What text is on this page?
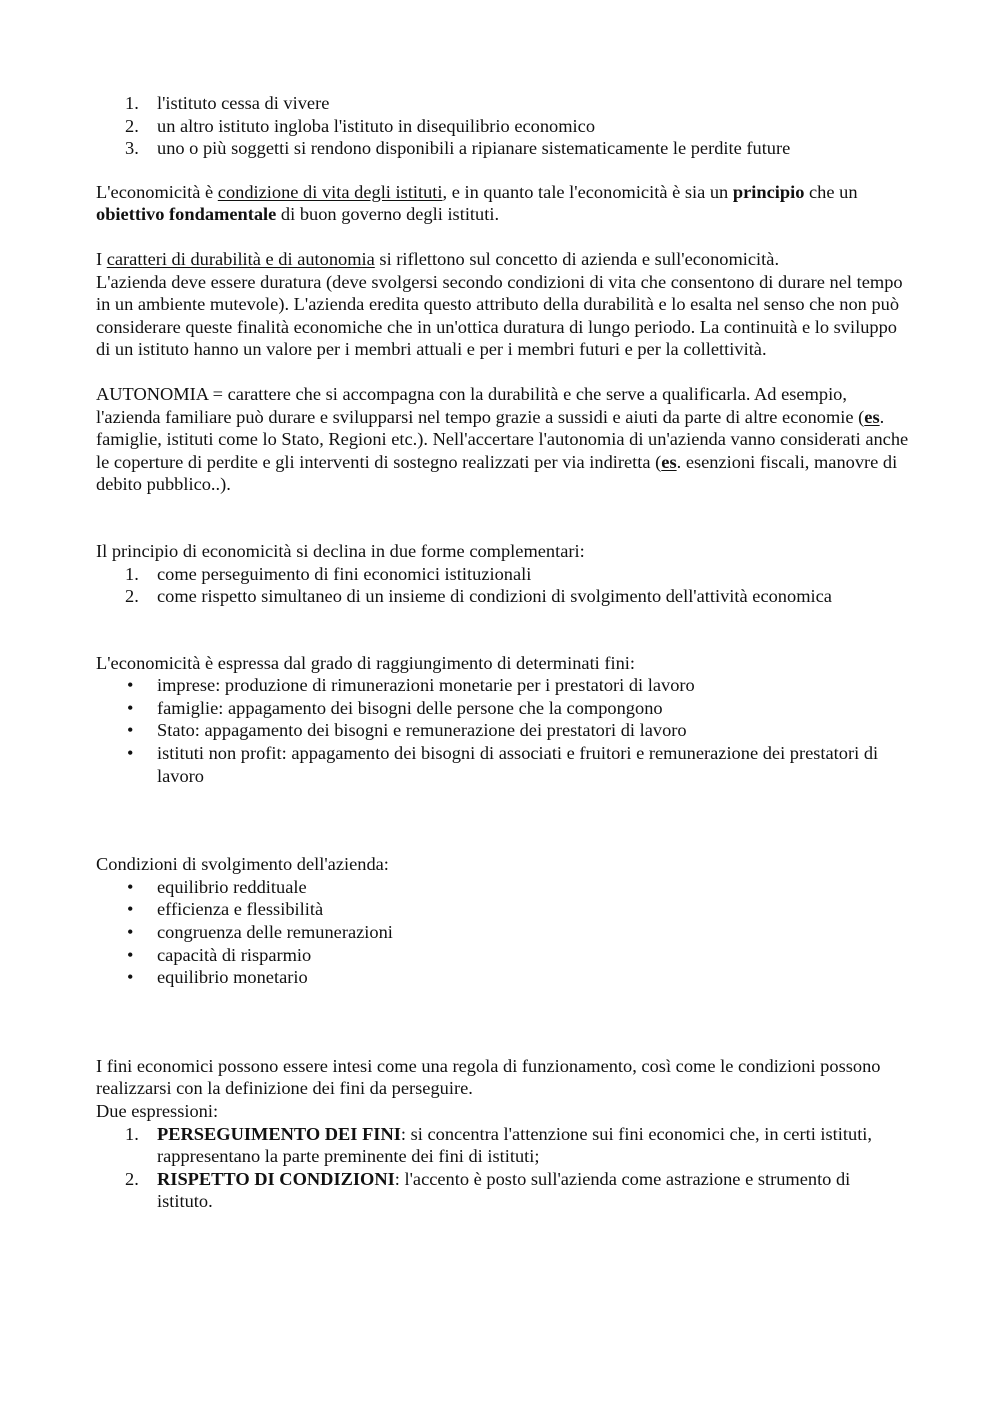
1. l'istituto cessa di vivere
2. un altro istituto ingloba l'istituto in disequilibrio economico
3. uno o più soggetti si rendono disponibili a ripianare sistematicamente le perdite future

L'economicità è condizione di vita degli istituti, e in quanto tale l'economicità è sia un principio che un obiettivo fondamentale di buon governo degli istituti.

I caratteri di durabilità e di autonomia si riflettono sul concetto di azienda e sull'economicità.
L'azienda deve essere duratura (deve svolgersi secondo condizioni di vita che consentono di durare nel tempo in un ambiente mutevole). L'azienda eredita questo attributo della durabilità e lo esalta nel senso che non può considerare queste finalità economiche che in un'ottica duratura di lungo periodo. La continuità e lo sviluppo di un istituto hanno un valore per i membri attuali e per i membri futuri e per la collettività.

AUTONOMIA = carattere che si accompagna con la durabilità e che serve a qualificarla. Ad esempio, l'azienda familiare può durare e svilupparsi nel tempo grazie a sussidi e aiuti da parte di altre economie (es. famiglie, istituti come lo Stato, Regioni etc.). Nell'accertare l'autonomia di un'azienda vanno considerati anche le coperture di perdite e gli interventi di sostegno realizzati per via indiretta (es. esenzioni fiscali, manovre di debito pubblico..).

Il principio di economicità si declina in due forme complementari:

1. come perseguimento di fini economici istituzionali
2. come rispetto simultaneo di un insieme di condizioni di svolgimento dell'attività economica

L'economicità è espressa dal grado di raggiungimento di determinati fini:

• imprese: produzione di rimunerazioni monetarie per i prestatori di lavoro
• famiglie: appagamento dei bisogni delle persone che la compongono
• Stato: appagamento dei bisogni e remunerazione dei prestatori di lavoro
• istituti non profit: appagamento dei bisogni di associati e fruitori e remunerazione dei prestatori di lavoro

Condizioni di svolgimento dell'azienda:

• equilibrio reddituale
• efficienza e flessibilità
• congruenza delle remunerazioni
• capacità di risparmio
• equilibrio monetario

I fini economici possono essere intesi come una regola di funzionamento, così come le condizioni possono realizzarsi con la definizione dei fini da perseguire.

Due espressioni:

1. PERSEGUIMENTO DEI FINI: si concentra l'attenzione sui fini economici che, in certi istituti, rappresentano la parte preminente dei fini di istituti;
2. RISPETTO DI CONDIZIONI: l'accento è posto sull'azienda come astrazione e strumento di istituto.
